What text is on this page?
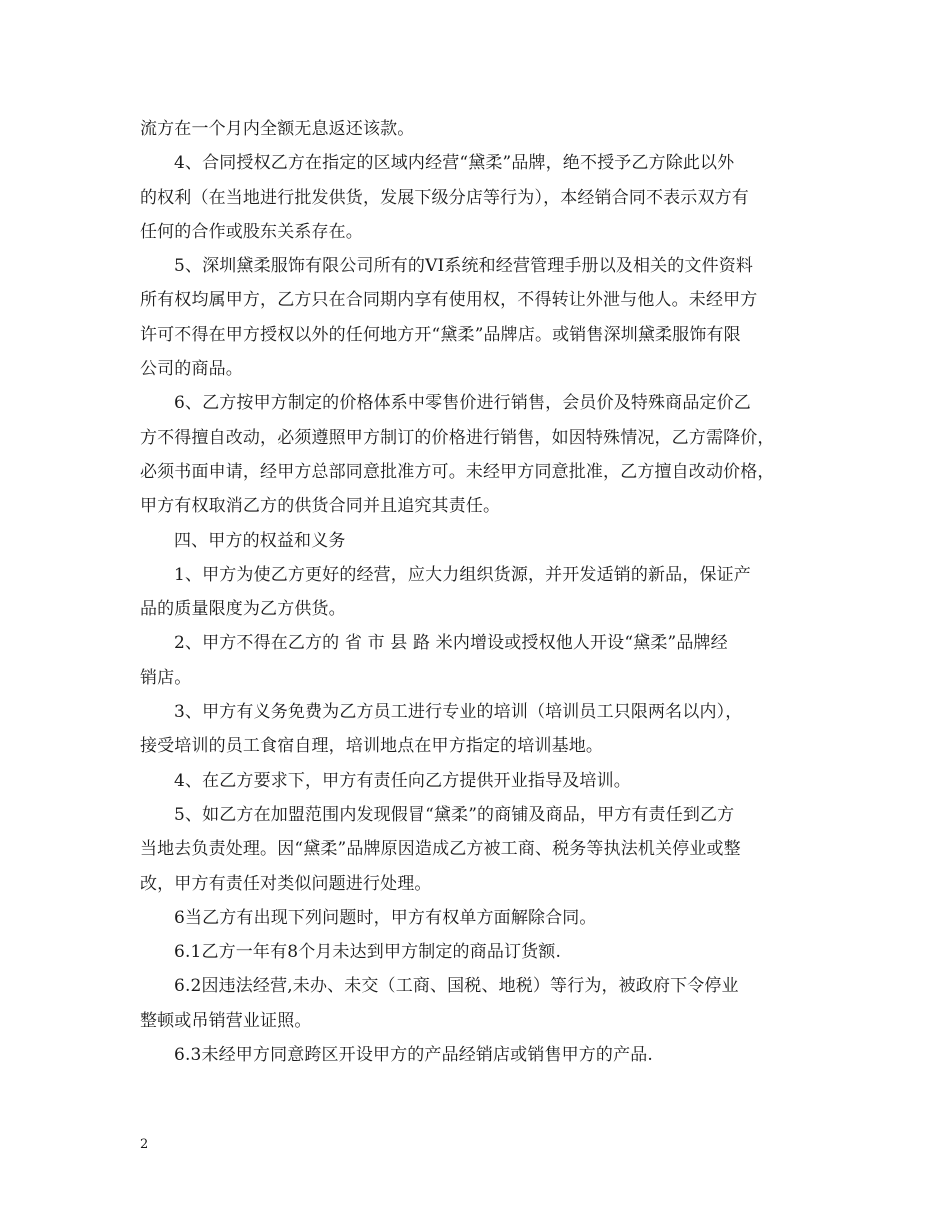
流方在一个月内全额无息返还该款。
4、合同授权乙方在指定的区域内经营“黛柔”品牌，绝不授予乙方除此以外
的权利（在当地进行批发供货，发展下级分店等行为），本经销合同不表示双方有
任何的合作或股东关系存在。
5、深圳黛柔服饰有限公司所有的VI系统和经营管理手册以及相关的文件资料
所有权均属甲方，乙方只在合同期内享有使用权，不得转让外泄与他人。未经甲方
许可不得在甲方授权以外的任何地方开“黛柔”品牌店。或销售深圳黛柔服饰有限
公司的商品。
6、乙方按甲方制定的价格体系中零售价进行销售，会员价及特殊商品定价乙
方不得擅自改动，必须遵照甲方制订的价格进行销售，如因特殊情况，乙方需降价，
必须书面申请，经甲方总部同意批准方可。未经甲方同意批准，乙方擅自改动价格，
甲方有权取消乙方的供货合同并且追究其责任。
四、甲方的权益和义务
1、甲方为使乙方更好的经营，应大力组织货源，并开发适销的新品，保证产
品的质量限度为乙方供货。
2、甲方不得在乙方的 省 市 县 路 米内增设或授权他人开设“黛柔”品牌经
销店。
3、甲方有义务免费为乙方员工进行专业的培训（培训员工只限两名以内），
接受培训的员工食宿自理，培训地点在甲方指定的培训基地。
4、在乙方要求下，甲方有责任向乙方提供开业指导及培训。
5、如乙方在加盟范围内发现假冒“黛柔”的商铺及商品，甲方有责任到乙方
当地去负责处理。因“黛柔”品牌原因造成乙方被工商、税务等执法机关停业或整
改，甲方有责任对类似问题进行处理。
6当乙方有出现下列问题时，甲方有权单方面解除合同。
6.1乙方一年有8个月未达到甲方制定的商品订货额.
6.2因违法经营,未办、未交（工商、国税、地税）等行为，被政府下令停业
整顿或吊销营业证照。
6.3未经甲方同意跨区开设甲方的产品经销店或销售甲方的产品.
2
